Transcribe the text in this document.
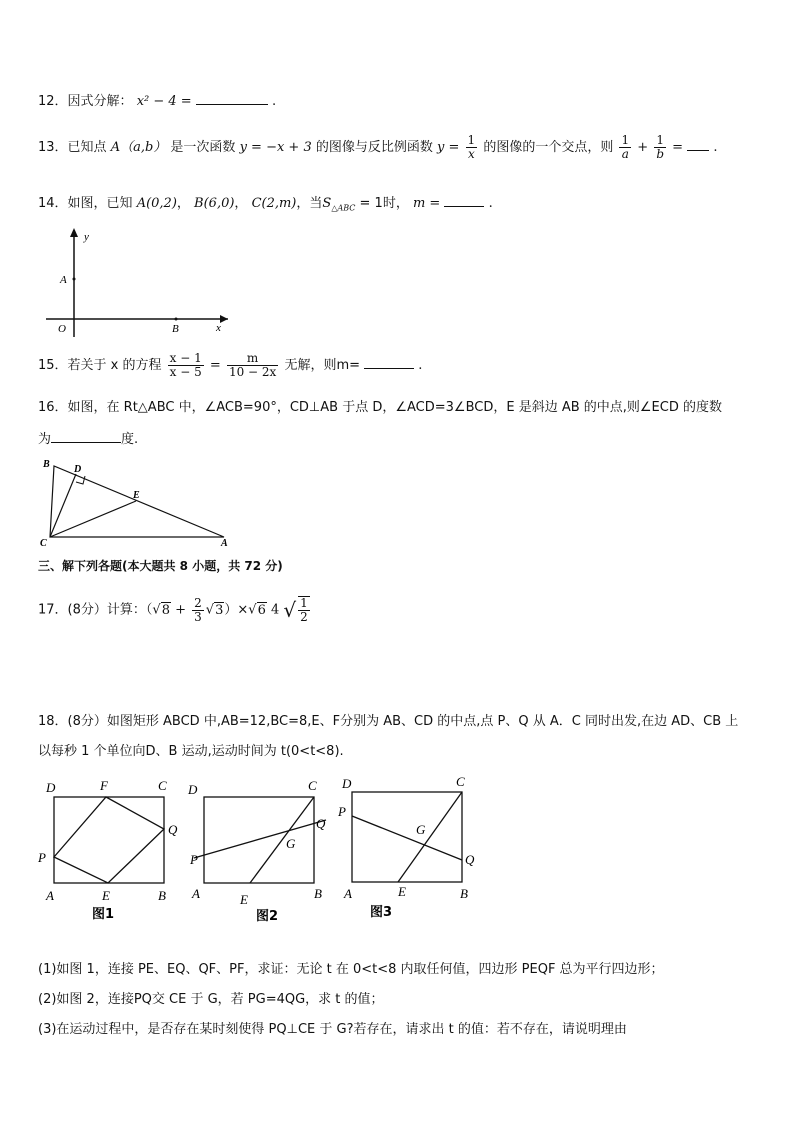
12．因式分解： x² − 4 =	.
13．已知点 A（a,b） 是一次函数 y = −x + 3 的图像与反比例函数 $y = \frac{1}{x}$ 的图像的一个交点，则 $\frac{1}{a} + \frac{1}{b}$ = .
14．如图，已知 A(0,2)， B(6,0)， C(2,m)，当$S_{\triangle ABC} = 1$时， m =	.
y
x
A
O	B
15．若关于 x 的方程 $\frac{x - 1}{x - 5} = \frac{m}{10 - 2x}$ 无解，则m=	.
16．如图，在 Rt△ABC 中，∠ACB=90°，CD⊥AB 于点 D，∠ACD=3∠BCD，E 是斜边 AB 的中点,则∠ECD 的度数
为	度.
B D
E
C	A
三、解下列各题(本大题共 8 小题，共 72 分)
17．(8分）计算：$(√8 + \frac{2}{3} √3)\times√6$ 4 √ $\frac{1}{2}$
18．(8分）如图矩形 ABCD 中,AB=12,BC=8,E、F分别为 AB、CD 的中点,点 P、Q 从 A．C 同时出发,在边 AD、CB 上
以每秒 1 个单位向D、B 运动,运动时间为 t(0<t<8).
D	F	C
Q
P
A	E	B
图1
D	C
Q
G
P
A	E	B
图2
D	C
P
G
Q
A	E	B
图3
(1)如图 1，连接 PE、EQ、QF、PF，求证：无论 t 在 0<t<8 内取任何值，四边形 PEQF 总为平行四边形；
(2)如图 2，连接PQ交 CE 于 G，若 PG=4QG，求 t 的值；
(3)在运动过程中，是否存在某时刻使得 PQ⊥CE 于 G?若存在，请求出 t 的值：若不存在，请说明理由
